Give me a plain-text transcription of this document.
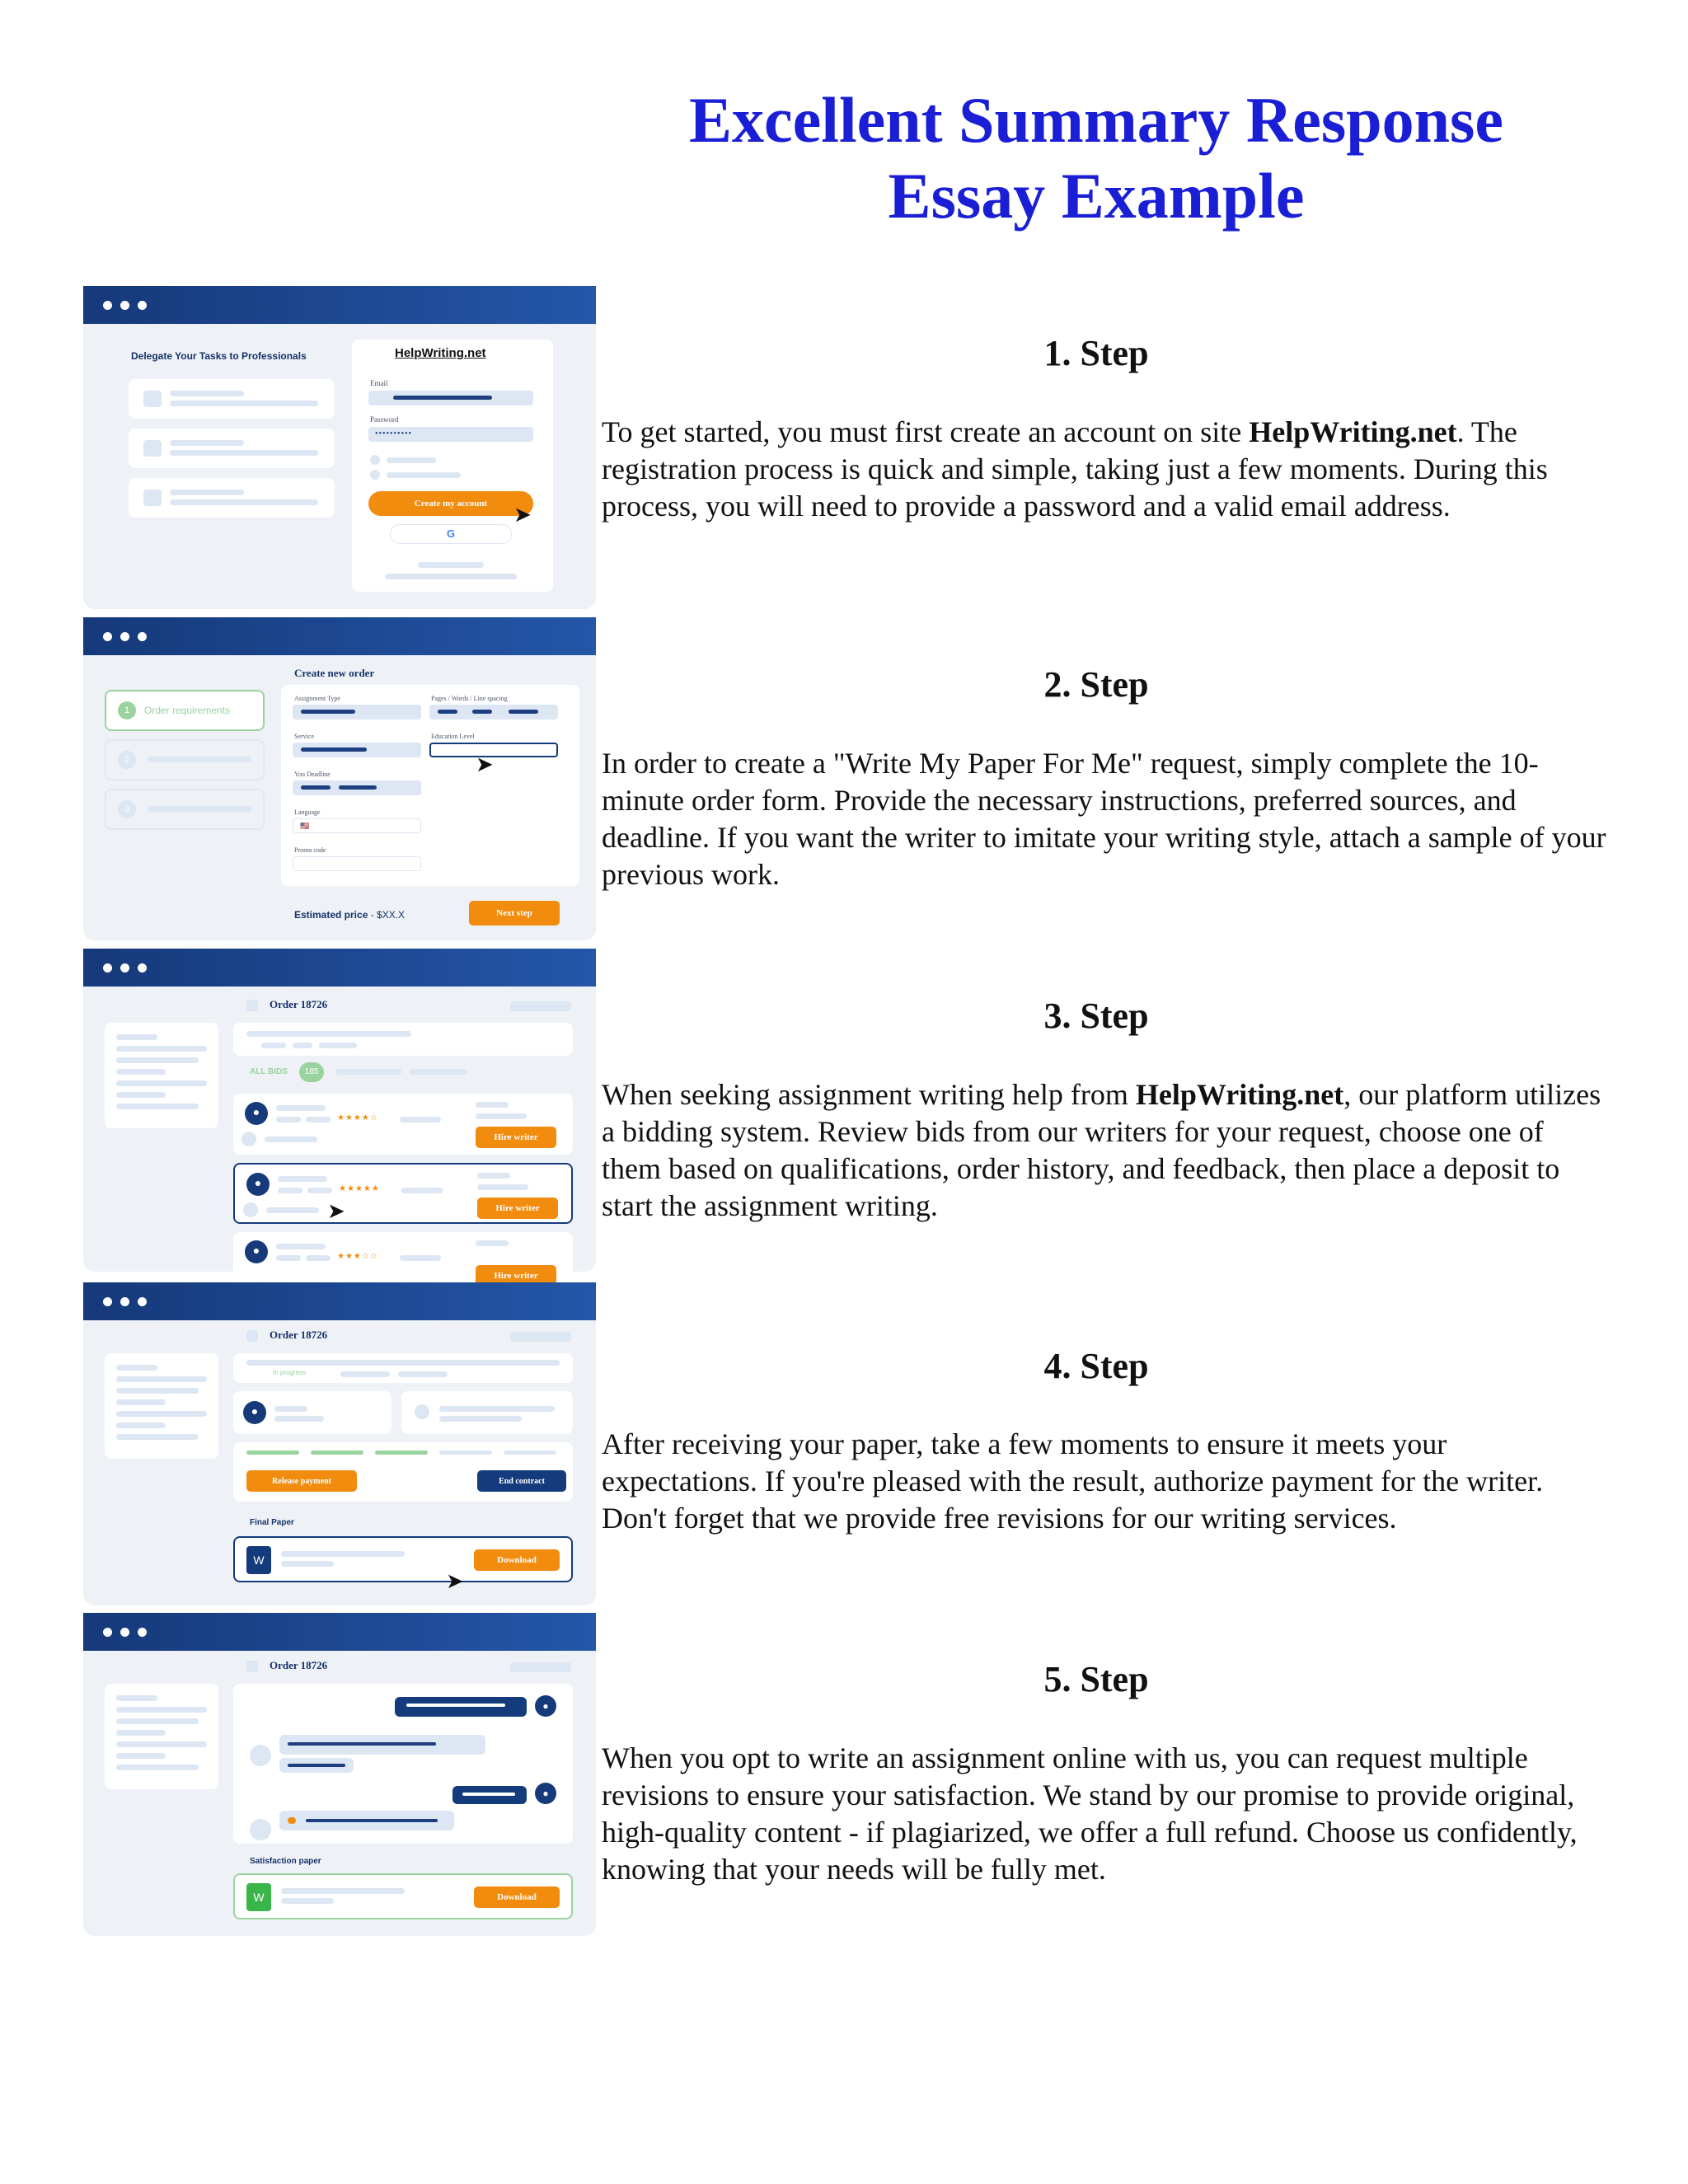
Excellent Summary Response
Essay Example
Delegate Your Tasks to Professionals	HelpWriting.net
Email
Password
••••••••••
Create my account	➤
G
1	Order requirements
2
3
Create new order
Assignment Type	Pages / Words / Line spacing
Service	Education Level
➤
You Deadline
Language
🇺🇸
Promo code
Estimated price - $XX.X	Next step
Order 18726
ALL BIDS	185
●	★★★★☆
Hire writer
●	★★★★★
➤	Hire writer
●	★★★☆☆
Hire writer
Order 18726
In progress
●
Release payment	End contract
Final Paper
W	Download
➤
Order 18726
●
●
Satisfaction paper
W	Download
1. Step
To get started, you must first create an account on site HelpWriting.net. The registration process is quick and simple, taking just a few moments. During this process, you will need to provide a password and a valid email address.
2. Step
In order to create a "Write My Paper For Me" request, simply complete the 10-minute order form. Provide the necessary instructions, preferred sources, and deadline. If you want the writer to imitate your writing style, attach a sample of your previous work.
3. Step
When seeking assignment writing help from HelpWriting.net, our platform utilizes a bidding system. Review bids from our writers for your request, choose one of them based on qualifications, order history, and feedback, then place a deposit to start the assignment writing.
4. Step
After receiving your paper, take a few moments to ensure it meets your expectations. If you're pleased with the result, authorize payment for the writer. Don't forget that we provide free revisions for our writing services.
5. Step
When you opt to write an assignment online with us, you can request multiple revisions to ensure your satisfaction. We stand by our promise to provide original, high-quality content - if plagiarized, we offer a full refund. Choose us confidently, knowing that your needs will be fully met.
